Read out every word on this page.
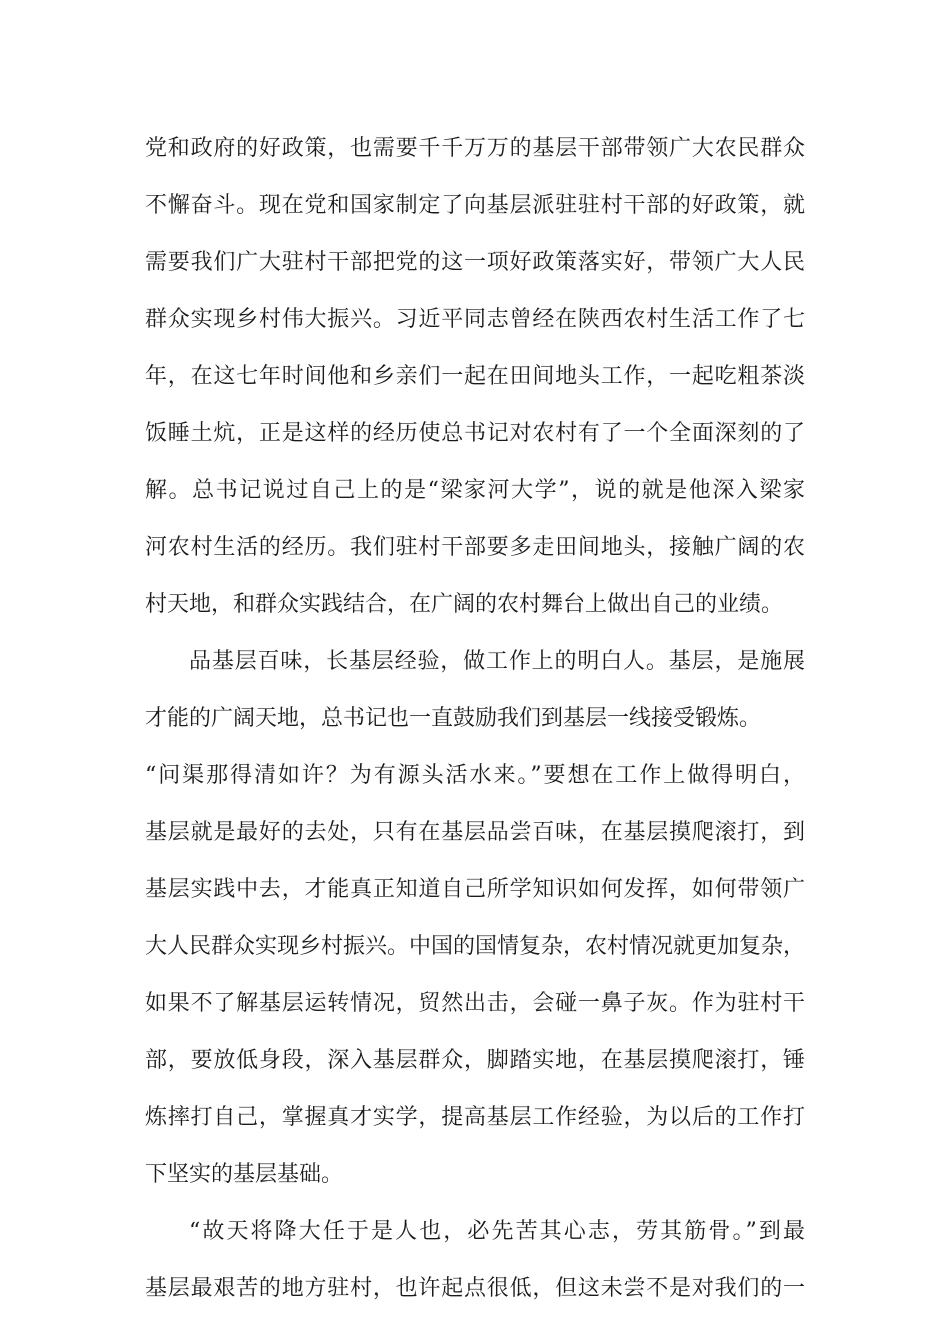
党和政府的好政策，也需要千千万万的基层干部带领广大农民群众
不懈奋斗。现在党和国家制定了向基层派驻驻村干部的好政策，就
需要我们广大驻村干部把党的这一项好政策落实好，带领广大人民
群众实现乡村伟大振兴。习近平同志曾经在陕西农村生活工作了七
年，在这七年时间他和乡亲们一起在田间地头工作，一起吃粗茶淡
饭睡土炕，正是这样的经历使总书记对农村有了一个全面深刻的了
解。总书记说过自己上的是“梁家河大学”，说的就是他深入梁家
河农村生活的经历。我们驻村干部要多走田间地头，接触广阔的农
村天地，和群众实践结合，在广阔的农村舞台上做出自己的业绩。
品基层百味，长基层经验，做工作上的明白人。基层，是施展
才能的广阔天地，总书记也一直鼓励我们到基层一线接受锻炼。
“问渠那得清如许？为有源头活水来。”要想在工作上做得明白，
基层就是最好的去处，只有在基层品尝百味，在基层摸爬滚打，到
基层实践中去，才能真正知道自己所学知识如何发挥，如何带领广
大人民群众实现乡村振兴。中国的国情复杂，农村情况就更加复杂，
如果不了解基层运转情况，贸然出击，会碰一鼻子灰。作为驻村干
部，要放低身段，深入基层群众，脚踏实地，在基层摸爬滚打，锤
炼摔打自己，掌握真才实学，提高基层工作经验，为以后的工作打
下坚实的基层基础。
“故天将降大任于是人也，必先苦其心志，劳其筋骨。”到最
基层最艰苦的地方驻村，也许起点很低，但这未尝不是对我们的一
